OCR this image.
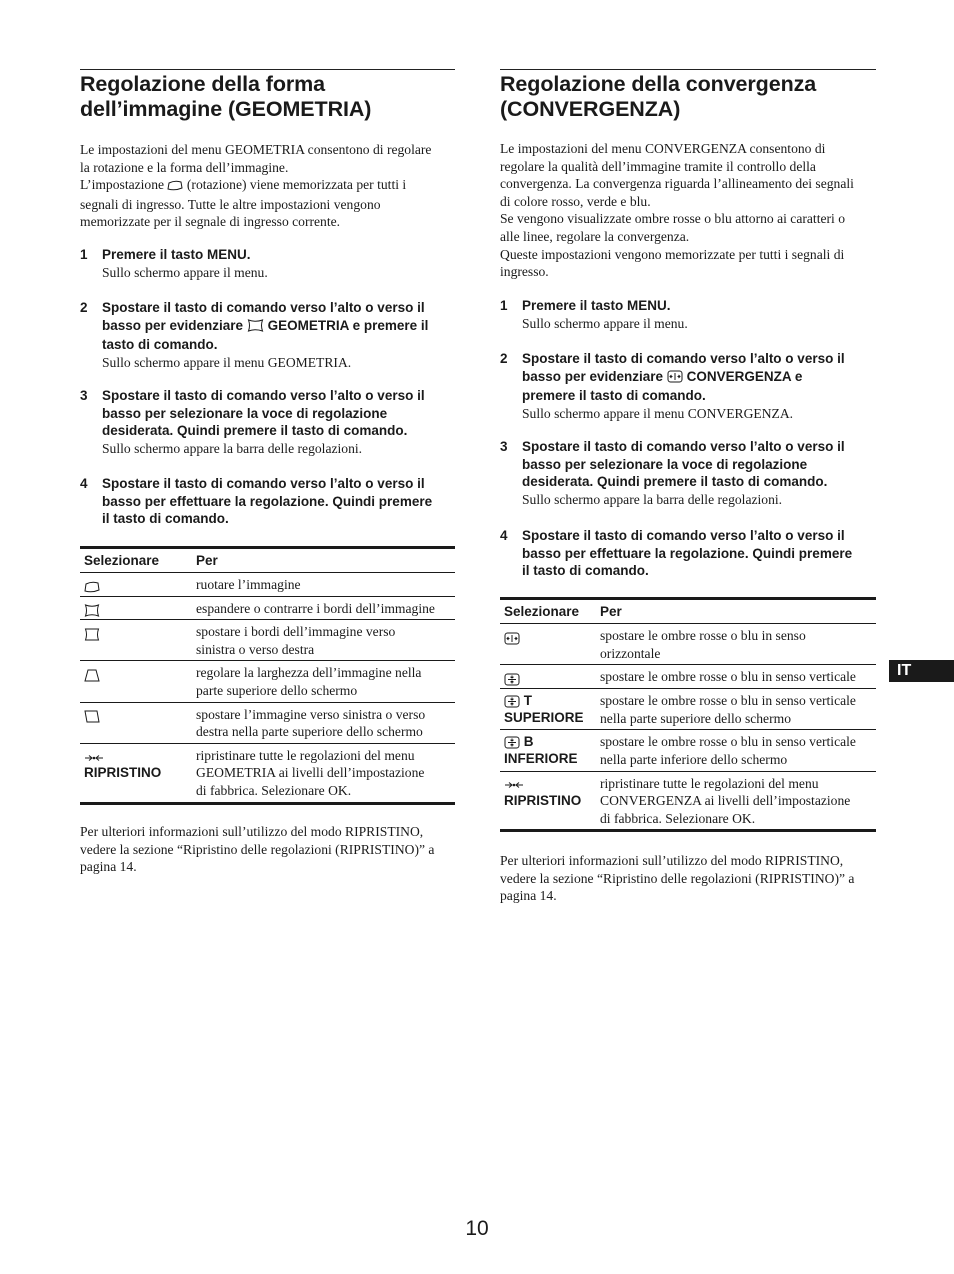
Regolazione della forma
dell’immagine (GEOMETRIA)

Le impostazioni del menu GEOMETRIA consentono di regolare

la rotazione e la forma dell’immagine.

L’impostazione (rotazione) viene memorizzata per tutti i

segnali di ingresso. Tutte le altre impostazioni vengono

memorizzate per il segnale di ingresso corrente.

1 Premere il tasto MENU.
Sullo schermo appare il menu.
2 Spostare il tasto di comando verso l’alto o verso il
basso per evidenziare GEOMETRIA e premere il
tasto di comando.
Sullo schermo appare il menu GEOMETRIA.
3 Spostare il tasto di comando verso l’alto o verso il
basso per selezionare la voce di regolazione
desiderata. Quindi premere il tasto di comando.
Sullo schermo appare la barra delle regolazioni.
4 Spostare il tasto di comando verso l’alto o verso il
basso per effettuare la regolazione. Quindi premere
il tasto di comando.
Selezionare	Per

	ruotare l’immagine

	espandere o contrarre i bordi dell’immagine

	spostare i bordi dell’immagine verso
sinistra o verso destra

	regolare la larghezza dell’immagine nella
parte superiore dello schermo

	spostare l’immagine verso sinistra o verso
destra nella parte superiore dello schermo

RIPRISTINO	ripristinare tutte le regolazioni del menu
GEOMETRIA ai livelli dell’impostazione
di fabbrica. Selezionare OK.
Per ulteriori informazioni sull’utilizzo del modo RIPRISTINO,
vedere la sezione “Ripristino delle regolazioni (RIPRISTINO)” a
pagina 14.
Regolazione della convergenza
(CONVERGENZA)

Le impostazioni del menu CONVERGENZA consentono di

regolare la qualità dell’immagine tramite il controllo della

convergenza. La convergenza riguarda l’allineamento dei segnali

di colore rosso, verde e blu.

Se vengono visualizzate ombre rosse o blu attorno ai caratteri o

alle linee, regolare la convergenza.

Queste impostazioni vengono memorizzate per tutti i segnali di

ingresso.

1 Premere il tasto MENU.
Sullo schermo appare il menu.
2 Spostare il tasto di comando verso l’alto o verso il
basso per evidenziare CONVERGENZA e
premere il tasto di comando.
Sullo schermo appare il menu CONVERGENZA.
3 Spostare il tasto di comando verso l’alto o verso il
basso per selezionare la voce di regolazione
desiderata. Quindi premere il tasto di comando.
Sullo schermo appare la barra delle regolazioni.
4 Spostare il tasto di comando verso l’alto o verso il
basso per effettuare la regolazione. Quindi premere
il tasto di comando.
Selezionare	Per

	spostare le ombre rosse o blu in senso
orizzontale

	spostare le ombre rosse o blu in senso verticale

T
SUPERIORE	spostare le ombre rosse o blu in senso verticale
nella parte superiore dello schermo

B
INFERIORE	spostare le ombre rosse o blu in senso verticale
nella parte inferiore dello schermo

RIPRISTINO	ripristinare tutte le regolazioni del menu
CONVERGENZA ai livelli dell’impostazione
di fabbrica. Selezionare OK.
Per ulteriori informazioni sull’utilizzo del modo RIPRISTINO,
vedere la sezione “Ripristino delle regolazioni (RIPRISTINO)” a
pagina 14.
IT
10
